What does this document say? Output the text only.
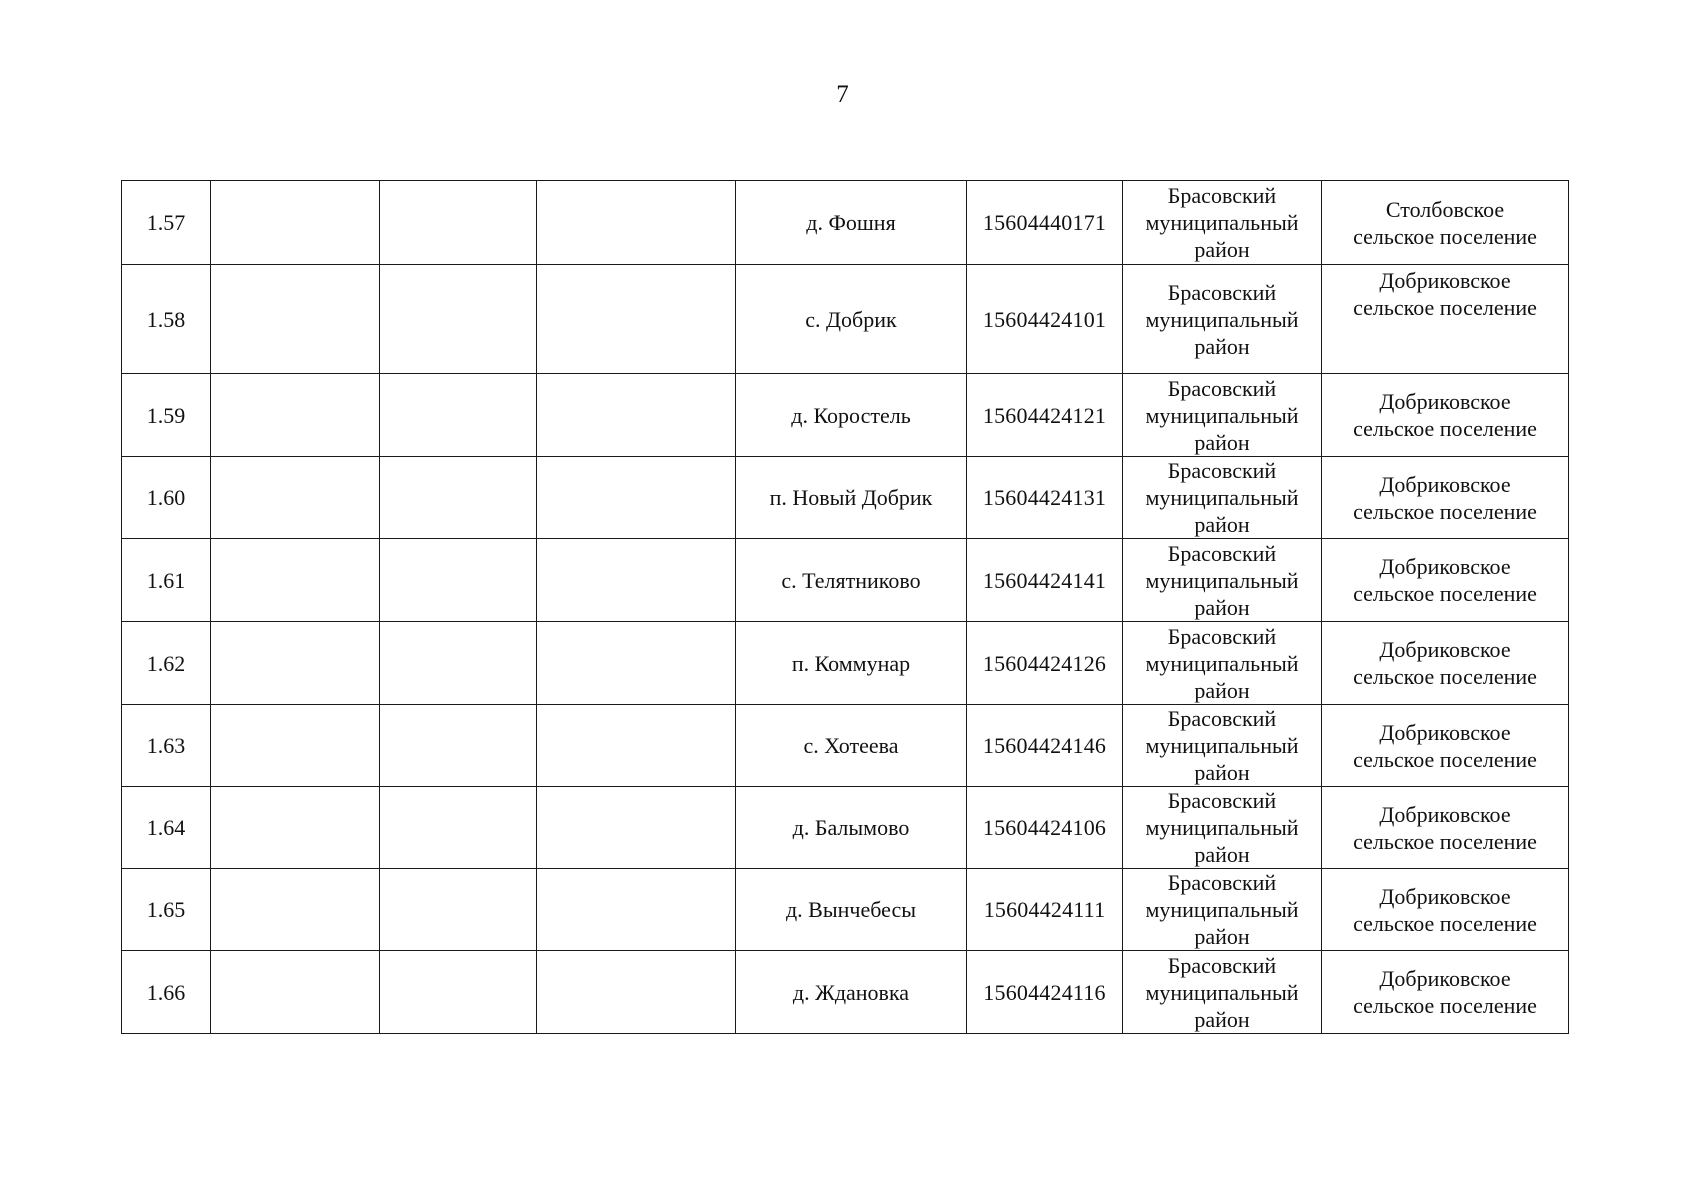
7
1.57				д. Фошня	15604440171	Брасовский
муниципальный
район	Столбовское
сельское поселение

1.58				с. Добрик	15604424101	Брасовский
муниципальный
район	Добриковское
сельское поселение

1.59				д. Коростель	15604424121	Брасовский
муниципальный
район	Добриковское
сельское поселение

1.60				п. Новый Добрик	15604424131	Брасовский
муниципальный
район	Добриковское
сельское поселение

1.61				с. Телятниково	15604424141	Брасовский
муниципальный
район	Добриковское
сельское поселение

1.62				п. Коммунар	15604424126	Брасовский
муниципальный
район	Добриковское
сельское поселение

1.63				с. Хотеева	15604424146	Брасовский
муниципальный
район	Добриковское
сельское поселение

1.64				д. Балымово	15604424106	Брасовский
муниципальный
район	Добриковское
сельское поселение

1.65				д. Вынчебесы	15604424111	Брасовский
муниципальный
район	Добриковское
сельское поселение

1.66				д. Ждановка	15604424116	Брасовский
муниципальный
район	Добриковское
сельское поселение
